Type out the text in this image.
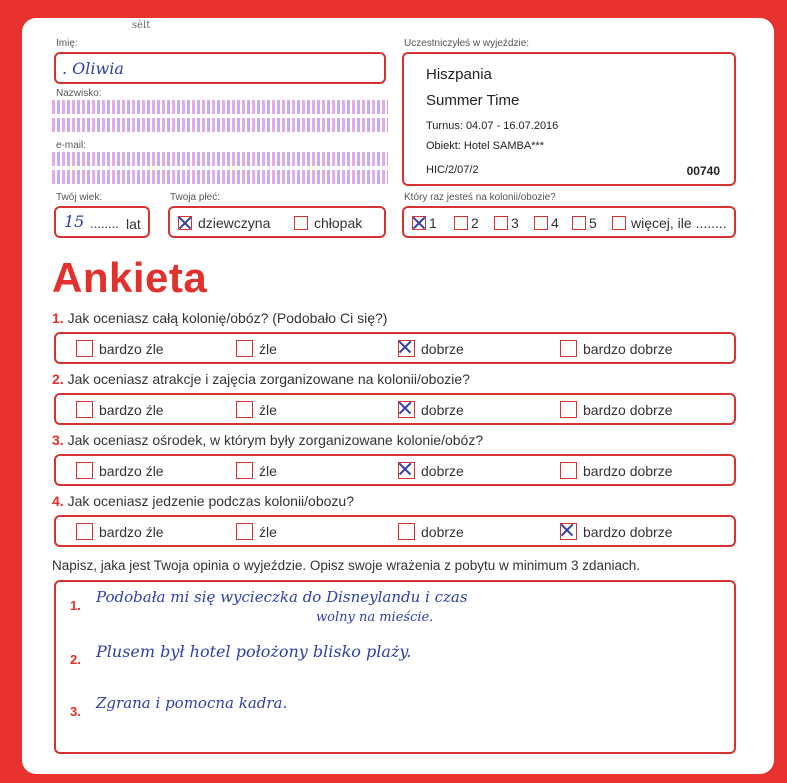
sèlt
Imię:
. Oliwia
Nazwisko:
e-mail:
Twój wiek:
15 ........ lat
Twoja płeć:
dziewczyna	chłopak
Uczestniczyłeś w wyjeździe:
Hiszpania
Summer Time
Turnus: 04.07 - 16.07.2016
Obiekt: Hotel SAMBA***
HIC/2/07/2	00740
Który raz jesteś na kolonii/obozie?
1 2 3 4 5 więcej, ile ........
Ankieta
1. Jak oceniasz całą kolonię/obóz? (Podobało Ci się?)
bardzo źle	źle	dobrze	bardzo dobrze
2. Jak oceniasz atrakcje i zajęcia zorganizowane na kolonii/obozie?
bardzo źle	źle	dobrze	bardzo dobrze
3. Jak oceniasz ośrodek, w którym były zorganizowane kolonie/obóz?
bardzo źle	źle	dobrze	bardzo dobrze
4. Jak oceniasz jedzenie podczas kolonii/obozu?
bardzo źle	źle	dobrze	bardzo dobrze
Napisz, jaka jest Twoja opinia o wyjeździe. Opisz swoje wrażenia z pobytu w minimum 3 zdaniach.
1. Podobała mi się wycieczka do Disneylandu i czas
wolny na mieście.
2. Plusem był hotel położony blisko plaży.
3. Zgrana i pomocna kadra.
